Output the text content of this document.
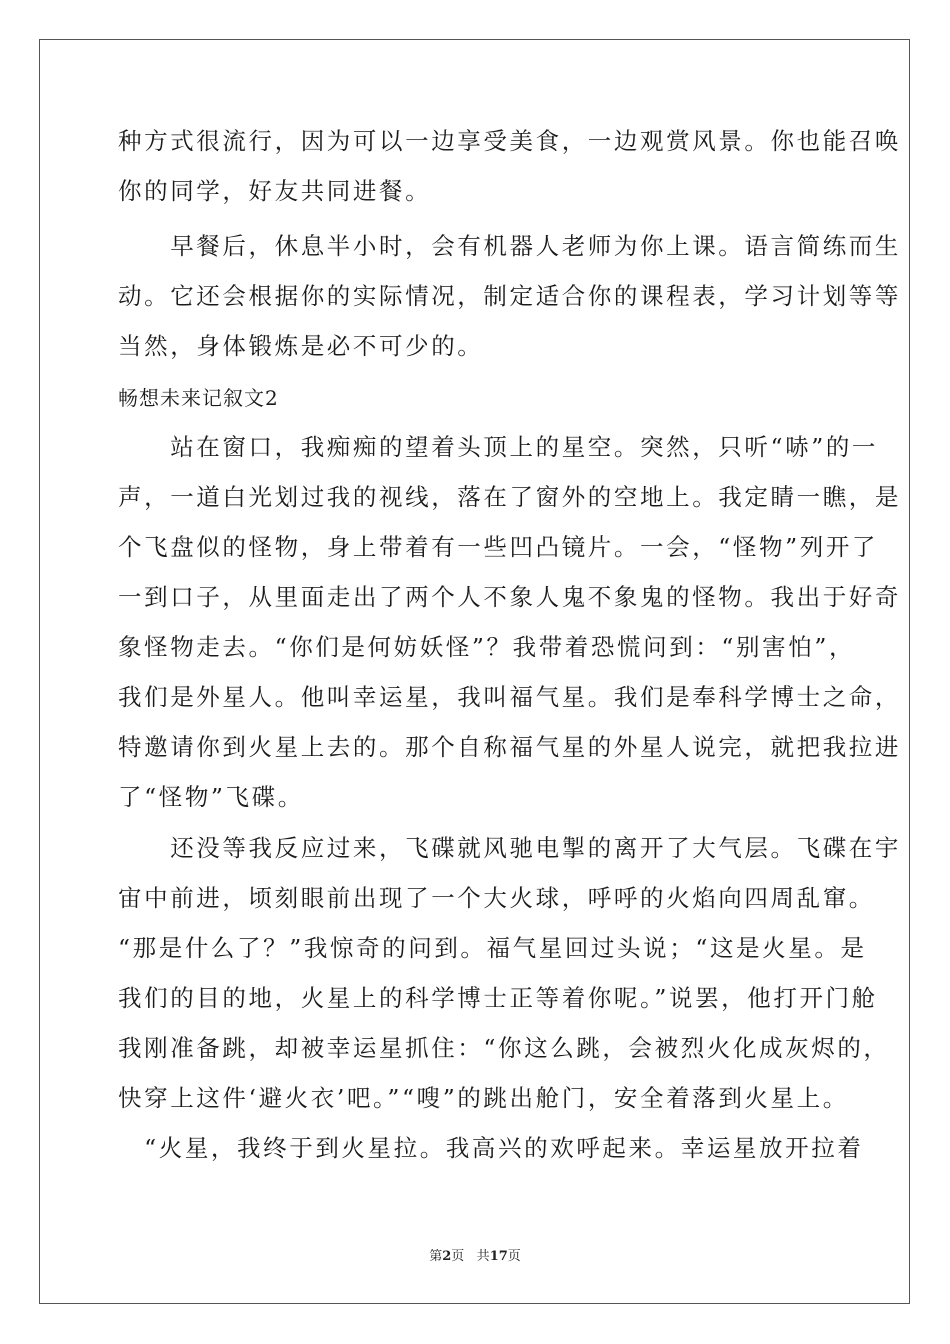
种方式很流行，因为可以一边享受美食，一边观赏风景。你也能召唤
你的同学，好友共同进餐。
　　早餐后，休息半小时，会有机器人老师为你上课。语言简练而生
动。它还会根据你的实际情况，制定适合你的课程表，学习计划等等
当然，身体锻炼是必不可少的。
畅想未来记叙文2
　　站在窗口，我痴痴的望着头顶上的星空。突然，只听“哧”的一
声，一道白光划过我的视线，落在了窗外的空地上。我定睛一瞧，是
个飞盘似的怪物，身上带着有一些凹凸镜片。一会，“怪物”列开了
一到口子，从里面走出了两个人不象人鬼不象鬼的怪物。我出于好奇
象怪物走去。“你们是何妨妖怪”？我带着恐慌问到：“别害怕”，
我们是外星人。他叫幸运星，我叫福气星。我们是奉科学博士之命，
特邀请你到火星上去的。那个自称福气星的外星人说完，就把我拉进
了“怪物”飞碟。
　　还没等我反应过来，飞碟就风驰电掣的离开了大气层。飞碟在宇
宙中前进，顷刻眼前出现了一个大火球，呼呼的火焰向四周乱窜。
“那是什么了？”我惊奇的问到。福气星回过头说；“这是火星。是
我们的目的地，火星上的科学博士正等着你呢。”说罢，他打开门舱
我刚准备跳，却被幸运星抓住：“你这么跳，会被烈火化成灰烬的，
快穿上这件‘避火衣’吧。”“嗖”的跳出舱门，安全着落到火星上。
　“火星，我终于到火星拉。我高兴的欢呼起来。幸运星放开拉着
第2页 共17页
